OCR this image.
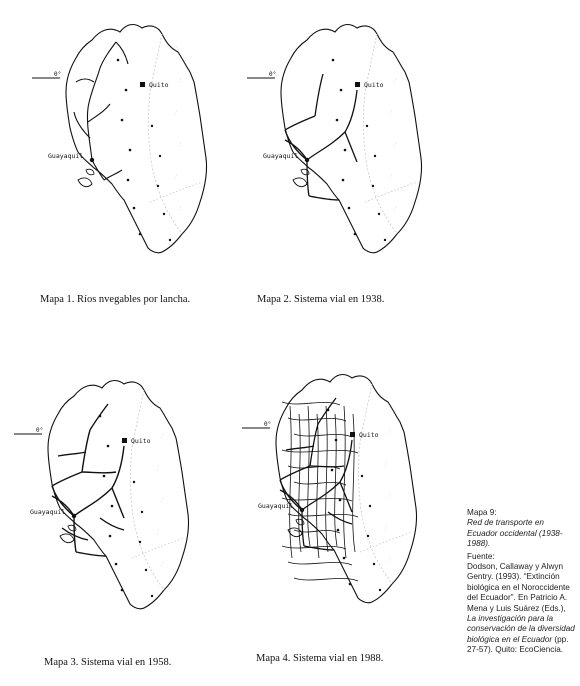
····
····
····
····
····
····
0°
Quito
Guayaquil
····
····
····
····
····
····
0°
Quito
Guayaquil
····
····
····
····
····
····
0°
Quito
Guayaquil
····
····
····
····
····
····
0°
Quito
Guayaquil
Mapa 1. Ríos nvegables por lancha.	Mapa 2. Sistema vial en 1938.
Mapa 3. Sistema vial en 1958.	Mapa 4. Sistema vial en 1988.

Mapa 9:

Red de transporte en Ecuador occidental (1938-1988).

Fuente:

Dodson, Callaway y Alwyn Gentry. (1993). “Extinción biológica en el Noroccidente del Ecuador”. En Patricio A. Mena y Luis Suárez (Eds.), La investigación para la conservación de la diversidad biológica en el Ecuador (pp. 27-57). Quito: EcoCiencia.
